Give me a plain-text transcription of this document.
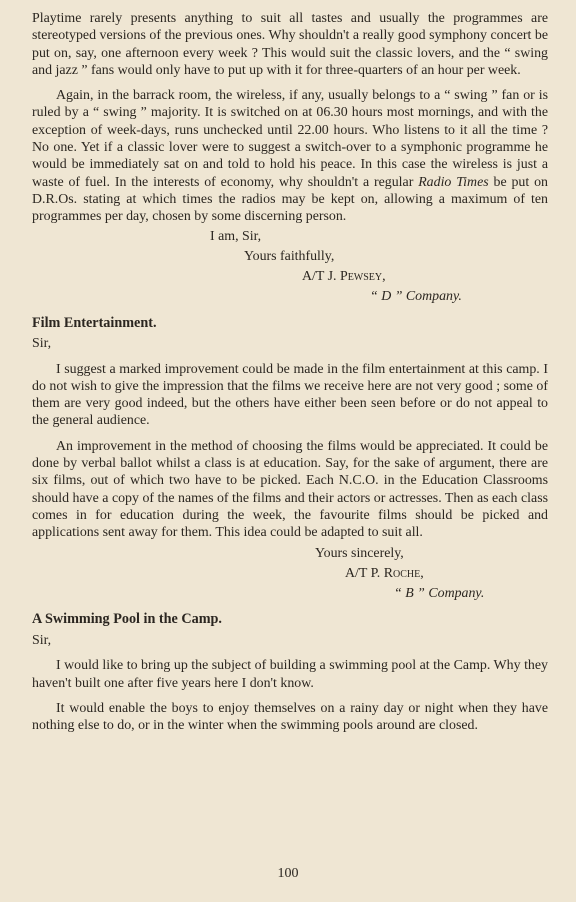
Playtime rarely presents anything to suit all tastes and usually the programmes are stereotyped versions of the previous ones. Why shouldn't a really good symphony concert be put on, say, one afternoon every week ? This would suit the classic lovers, and the “ swing and jazz ” fans would only have to put up with it for three-quarters of an hour per week.

Again, in the barrack room, the wireless, if any, usually belongs to a “ swing ” fan or is ruled by a “ swing ” majority. It is switched on at 06.30 hours most mornings, and with the exception of week-days, runs unchecked until 22.00 hours. Who listens to it all the time ? No one. Yet if a classic lover were to suggest a switch-over to a symphonic programme he would be immediately sat on and told to hold his peace. In this case the wireless is just a waste of fuel. In the interests of economy, why shouldn't a regular Radio Times be put on D.R.Os. stating at which times the radios may be kept on, allowing a maximum of ten programmes per day, chosen by some discerning person.

I am, Sir,
Yours faithfully,
A/T J. Pewsey,
“ D ” Company.
Film Entertainment.
Sir,

I suggest a marked improvement could be made in the film entertainment at this camp. I do not wish to give the impression that the films we receive here are not very good ; some of them are very good indeed, but the others have either been seen before or do not appeal to the general audience.

An improvement in the method of choosing the films would be appreciated. It could be done by verbal ballot whilst a class is at education. Say, for the sake of argument, there are six films, out of which two have to be picked. Each N.C.O. in the Education Classrooms should have a copy of the names of the films and their actors or actresses. Then as each class comes in for education during the week, the favourite films should be picked and applications sent away for them. This idea could be adapted to suit all.

Yours sincerely,
A/T P. Roche,
“ B ” Company.
A Swimming Pool in the Camp.
Sir,

I would like to bring up the subject of building a swimming pool at the Camp. Why they haven't built one after five years here I don't know.

It would enable the boys to enjoy themselves on a rainy day or night when they have nothing else to do, or in the winter when the swimming pools around are closed.

100
